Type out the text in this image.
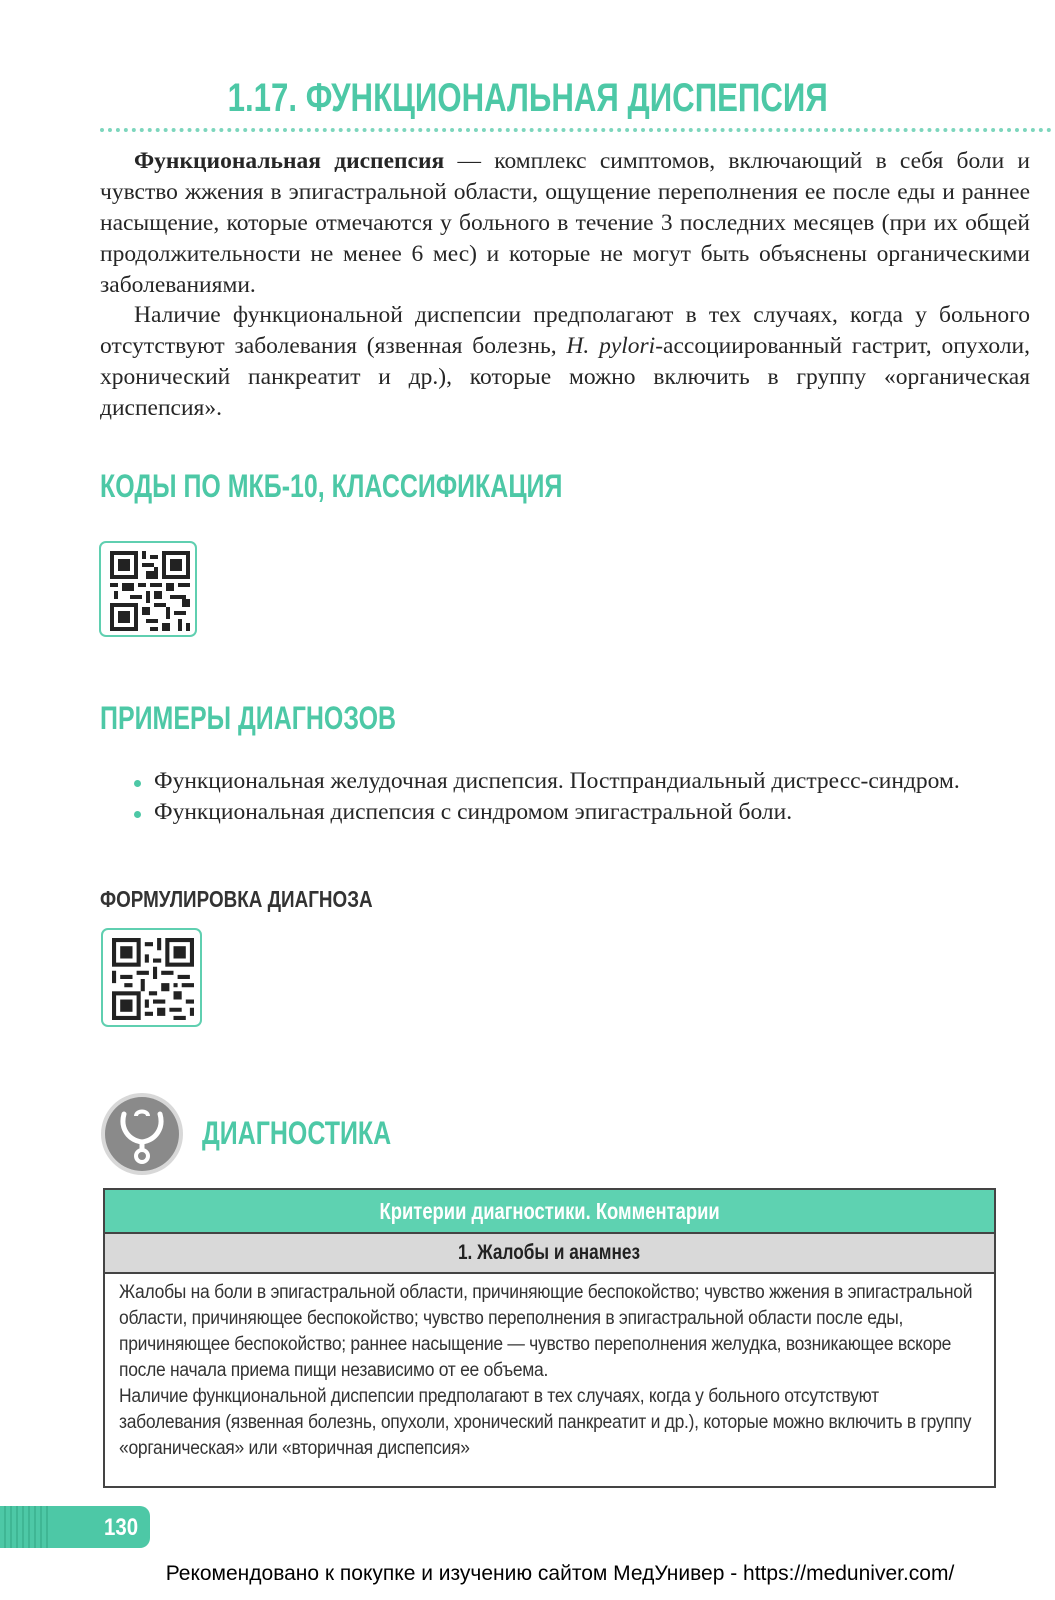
1.17. ФУНКЦИОНАЛЬНАЯ ДИСПЕПСИЯ

Функциональная диспепсия — комплекс симптомов, включающий в себя боли и чувство жжения в эпигастральной области, ощущение переполнения ее после еды и раннее насыщение, которые отмечаются у больного в течение 3 последних месяцев (при их общей продолжительности не менее 6 мес) и которые не могут быть объяснены органическими заболеваниями.

Наличие функциональной диспепсии предполагают в тех случаях, когда у больного отсутствуют заболевания (язвенная болезнь, H. pylori-ассоциированный гастрит, опухоли, хронический панкреатит и др.), которые можно включить в группу «органическая диспепсия».

КОДЫ ПО МКБ-10, КЛАССИФИКАЦИЯ
ПРИМЕРЫ ДИАГНОЗОВ
Функциональная желудочная диспепсия. Постпрандиальный дистресс-синдром.
Функциональная диспепсия с синдромом эпигастральной боли.
ФОРМУЛИРОВКА ДИАГНОЗА
ДИАГНОСТИКА
Критерии диагностики. Комментарии
1. Жалобы и анамнез

Жалобы на боли в эпигастральной области, причиняющие беспокойство; чувство жжения в эпигастральной области, причиняющее беспокойство; чувство переполнения в эпигастральной области после еды, причиняющее беспокойство; раннее насыщение — чувство переполнения желудка, возникающее вскоре после начала приема пищи независимо от ее объема.

Наличие функциональной диспепсии предполагают в тех случаях, когда у больного отсутствуют заболевания (язвенная болезнь, опухоли, хронический панкреатит и др.), которые можно включить в группу «органическая» или «вторичная диспепсия»

130
Рекомендовано к покупке и изучению сайтом МедУнивер - https://meduniver.com/
